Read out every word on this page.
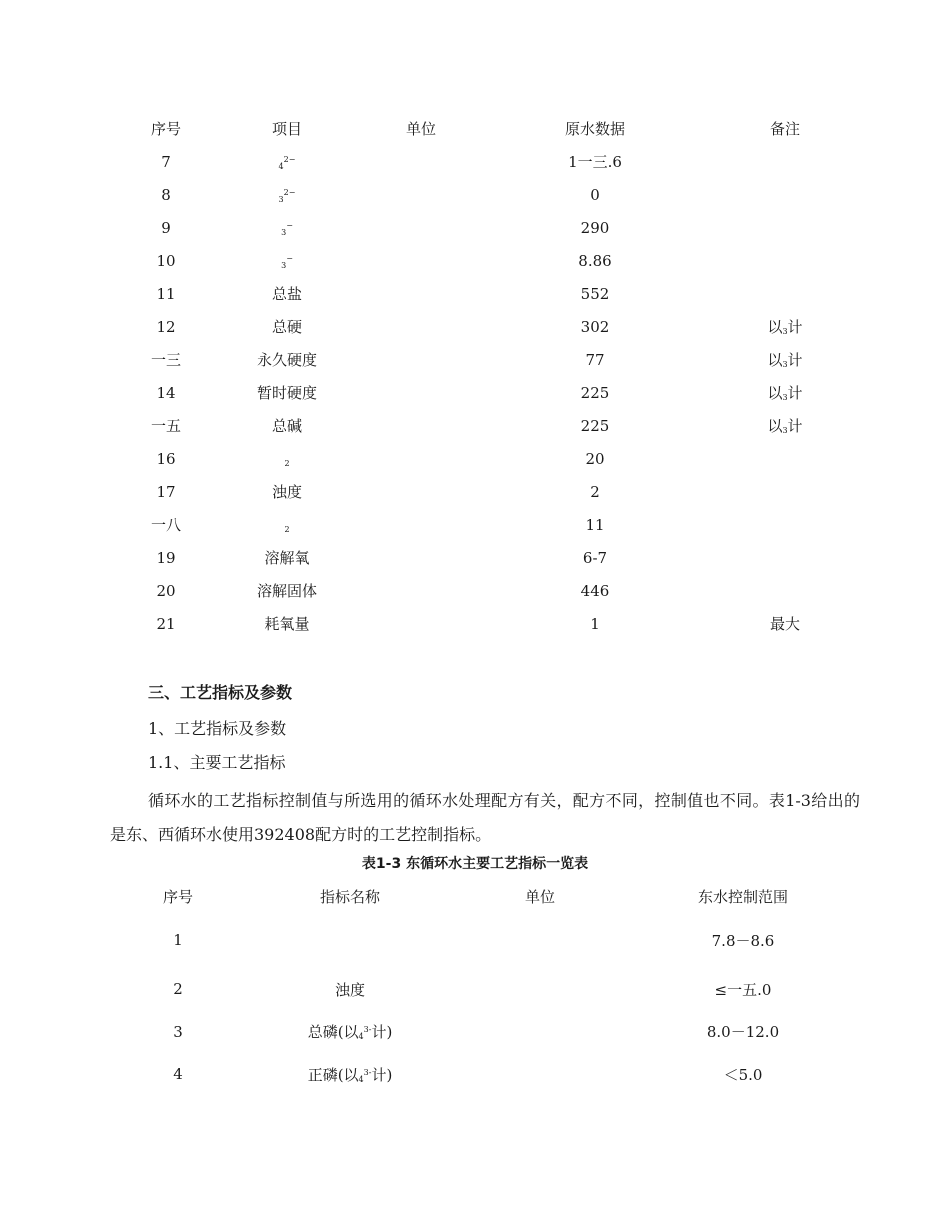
序号	项目	单位	原水数据	备注
7	$_4^{2-}$		1一三.6	
8	$_3^{2-}$		0	
9	$_3$−		290	
10	$_3$−		8.86	
11	总盐		552	
12	总硬		302	以$_3$计
一三	永久硬度		77	以$_3$计
14	暂时硬度		225	以$_3$计
一五	总碱		225	以$_3$计
16	$_2$		20	
17	浊度		2	
一八	$_2$		11	
19	溶解氧		6-7	
20	溶解固体		446	
21	耗氧量		1	最大

三、工艺指标及参数

1、工艺指标及参数

1.1、主要工艺指标

循环水的工艺指标控制值与所选用的循环水处理配方有关，配方不同，控制值也不同。表1-3给出的是东、西循环水使用392408配方时的工艺控制指标。

表1-3 东循环水主要工艺指标一览表

序号	指标名称	单位	东水控制范围
1			7.8－8.6
2	浊度		≤一五.0
3	总磷(以$_4^{3-}$计)		8.0－12.0
4	正磷(以$_4^{3-}$计)		＜5.0
